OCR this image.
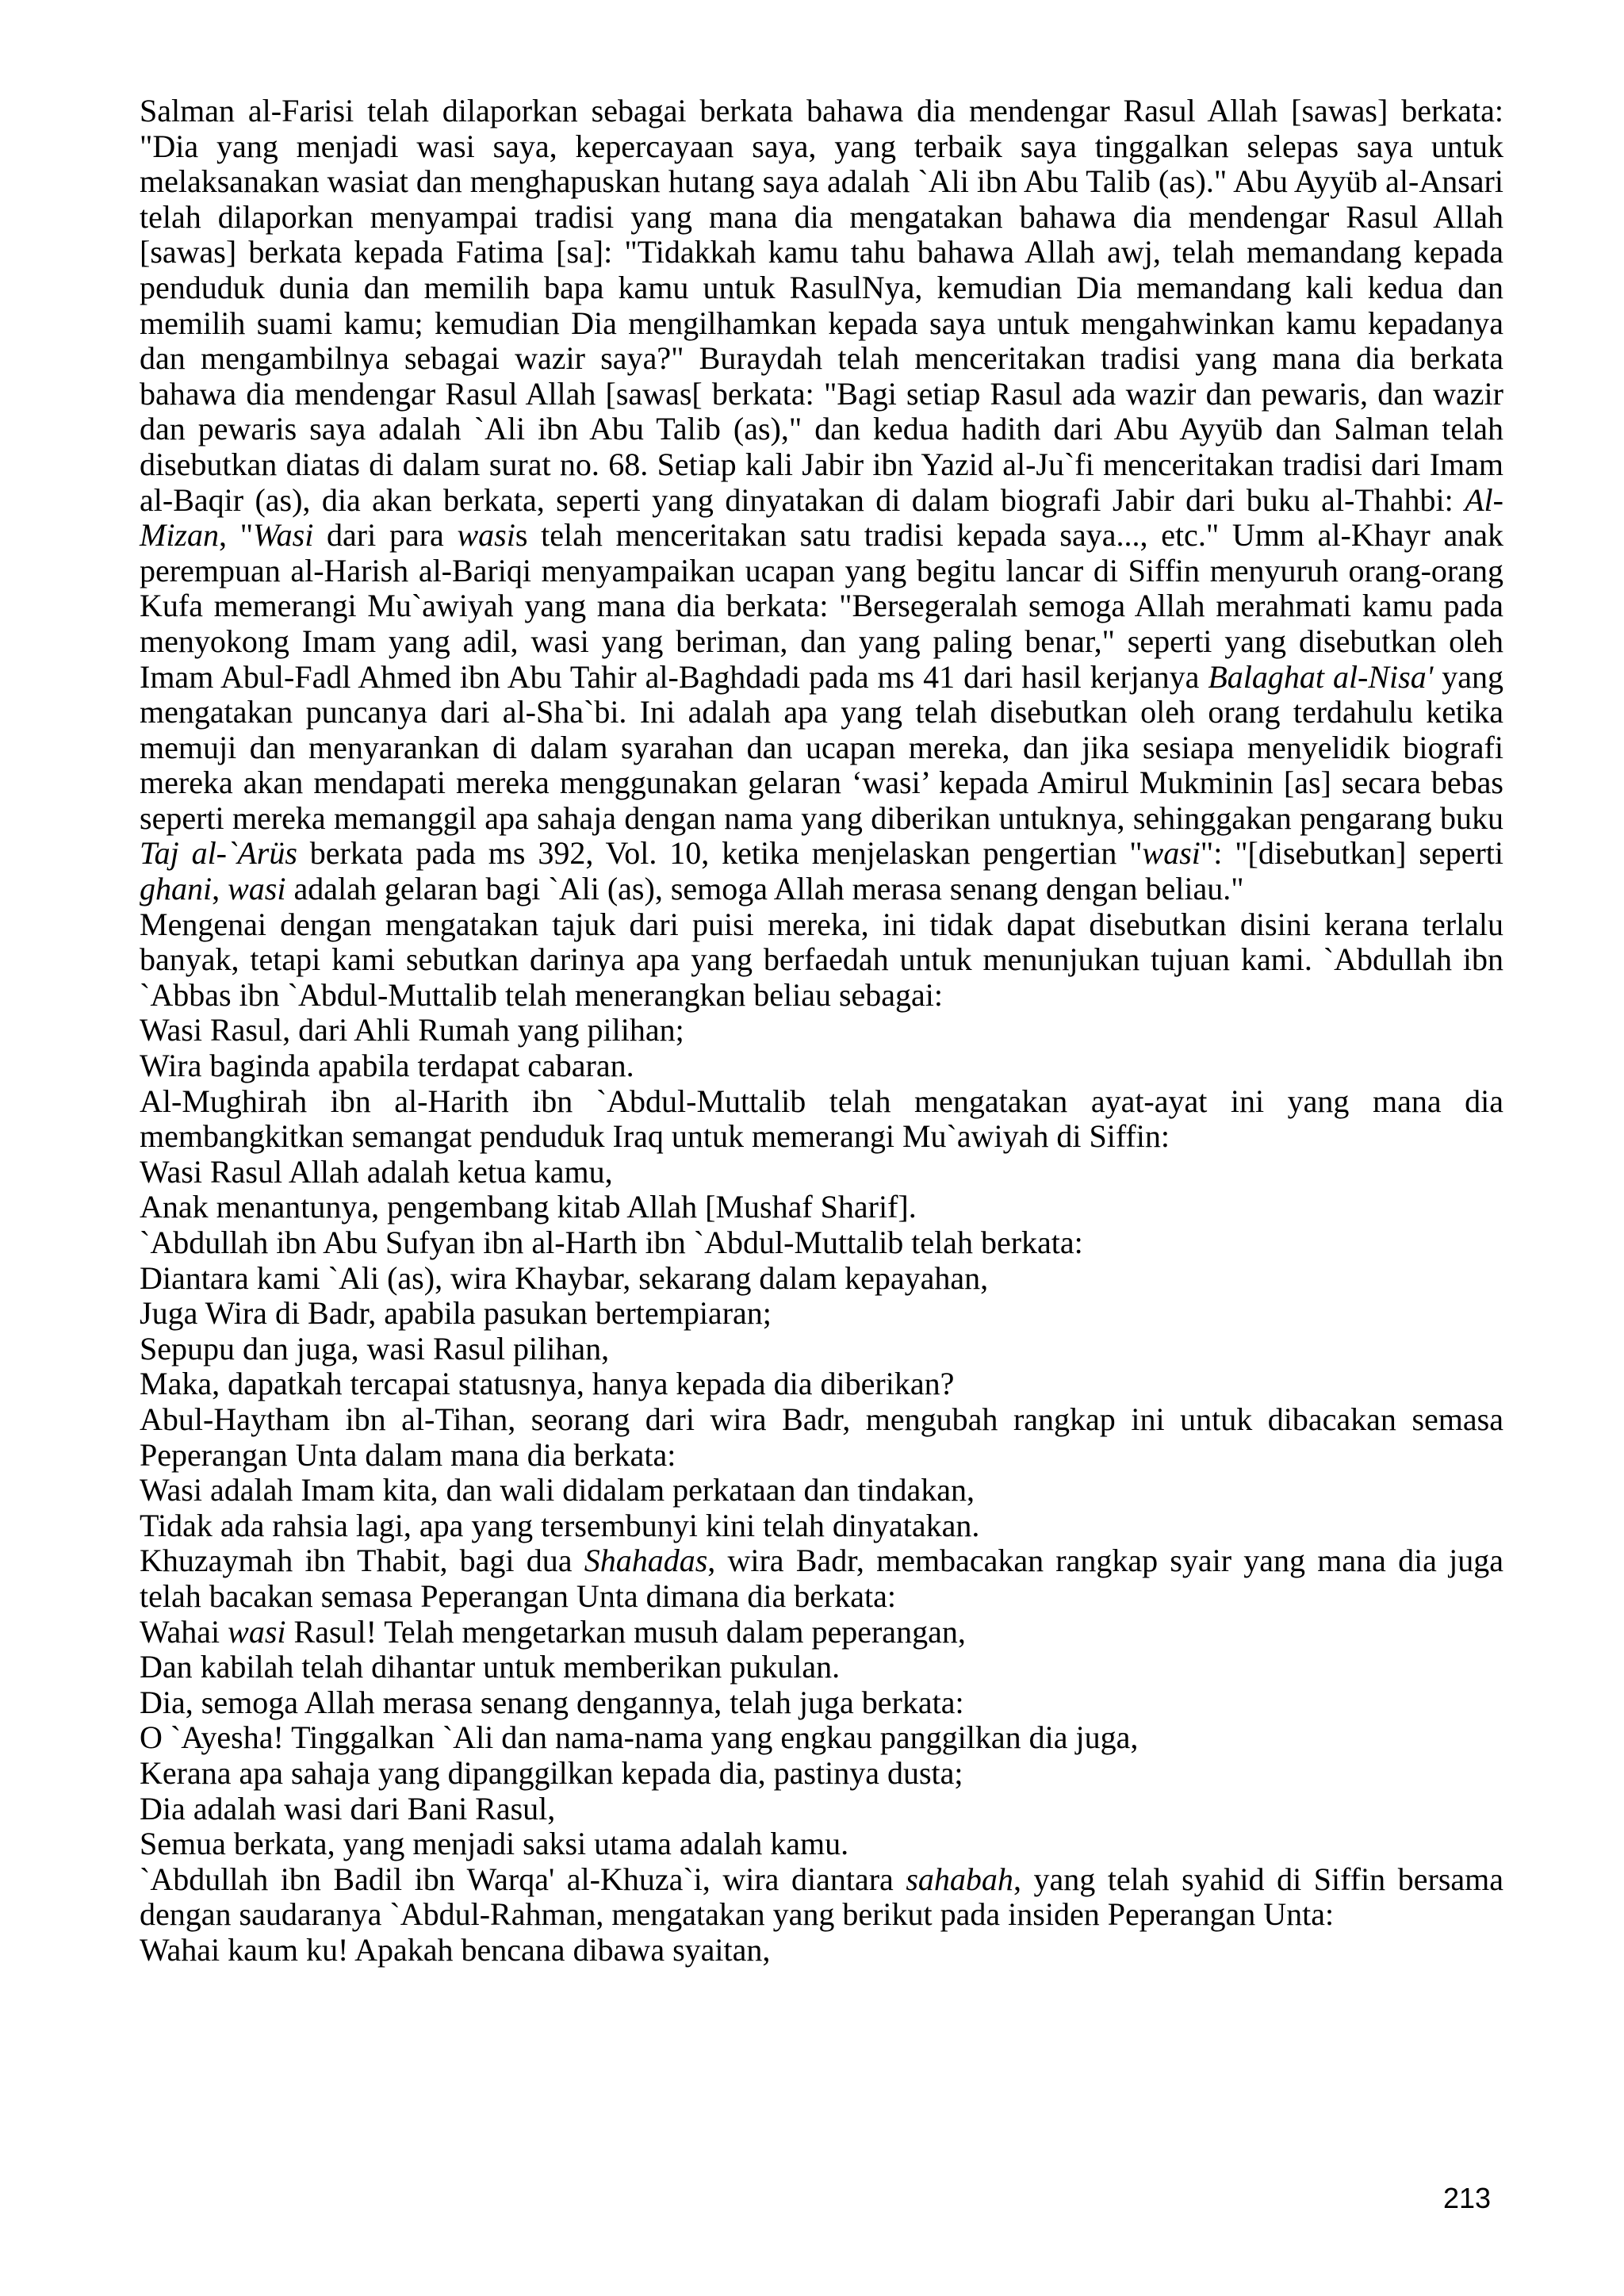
Salman al-Farisi telah dilaporkan sebagai berkata bahawa dia mendengar Rasul Allah [sawas] berkata: "Dia yang menjadi wasi saya, kepercayaan saya, yang terbaik saya tinggalkan selepas saya untuk melaksanakan wasiat dan menghapuskan hutang saya adalah `Ali ibn Abu Talib (as)." Abu Ayyüb al-Ansari telah dilaporkan menyampai tradisi yang mana dia mengatakan bahawa dia mendengar Rasul Allah [sawas] berkata kepada Fatima [sa]: "Tidakkah kamu tahu bahawa Allah awj, telah memandang kepada penduduk dunia dan memilih bapa kamu untuk RasulNya, kemudian Dia memandang kali kedua dan memilih suami kamu; kemudian Dia mengilhamkan kepada saya untuk mengahwinkan kamu kepadanya dan mengambilnya sebagai wazir saya?" Buraydah telah menceritakan tradisi yang mana dia berkata bahawa dia mendengar Rasul Allah [sawas[ berkata: "Bagi setiap Rasul ada wazir dan pewaris, dan wazir dan pewaris saya adalah `Ali ibn Abu Talib (as)," dan kedua hadith dari Abu Ayyüb dan Salman telah disebutkan diatas di dalam surat no. 68. Setiap kali Jabir ibn Yazid al-Ju`fi menceritakan tradisi dari Imam al-Baqir (as), dia akan berkata, seperti yang dinyatakan di dalam biografi Jabir dari buku al-Thahbi: Al-Mizan, "Wasi dari para wasis telah menceritakan satu tradisi kepada saya..., etc." Umm al-Khayr anak perempuan al-Harish al-Bariqi menyampaikan ucapan yang begitu lancar di Siffin menyuruh orang-orang Kufa memerangi Mu`awiyah yang mana dia berkata: "Bersegeralah semoga Allah merahmati kamu pada menyokong Imam yang adil, wasi yang beriman, dan yang paling benar," seperti yang disebutkan oleh Imam Abul-Fadl Ahmed ibn Abu Tahir al-Baghdadi pada ms 41 dari hasil kerjanya Balaghat al-Nisa' yang mengatakan puncanya dari al-Sha`bi. Ini adalah apa yang telah disebutkan oleh orang terdahulu ketika memuji dan menyarankan di dalam syarahan dan ucapan mereka, dan jika sesiapa menyelidik biografi mereka akan mendapati mereka menggunakan gelaran ‘wasi’ kepada Amirul Mukminin [as] secara bebas seperti mereka memanggil apa sahaja dengan nama yang diberikan untuknya, sehinggakan pengarang buku Taj al-`Arüs berkata pada ms 392, Vol. 10, ketika menjelaskan pengertian "wasi": "[disebutkan] seperti ghani, wasi adalah gelaran bagi `Ali (as), semoga Allah merasa senang dengan beliau."

Mengenai dengan mengatakan tajuk dari puisi mereka, ini tidak dapat disebutkan disini kerana terlalu banyak, tetapi kami sebutkan darinya apa yang berfaedah untuk menunjukan tujuan kami. `Abdullah ibn `Abbas ibn `Abdul-Muttalib telah menerangkan beliau sebagai:

Wasi Rasul, dari Ahli Rumah yang pilihan;

Wira baginda apabila terdapat cabaran.

Al-Mughirah ibn al-Harith ibn `Abdul-Muttalib telah mengatakan ayat-ayat ini yang mana dia membangkitkan semangat penduduk Iraq untuk memerangi Mu`awiyah di Siffin:

Wasi Rasul Allah adalah ketua kamu,

Anak menantunya, pengembang kitab Allah [Mushaf Sharif].

`Abdullah ibn Abu Sufyan ibn al-Harth ibn `Abdul-Muttalib telah berkata:

Diantara kami `Ali (as), wira Khaybar, sekarang dalam kepayahan,

Juga Wira di Badr, apabila pasukan bertempiaran;

Sepupu dan juga, wasi Rasul pilihan,

Maka, dapatkah tercapai statusnya, hanya kepada dia diberikan?

Abul-Haytham ibn al-Tihan, seorang dari wira Badr, mengubah rangkap ini untuk dibacakan semasa Peperangan Unta dalam mana dia berkata:

Wasi adalah Imam kita, dan wali didalam perkataan dan tindakan,

Tidak ada rahsia lagi, apa yang tersembunyi kini telah dinyatakan.

Khuzaymah ibn Thabit, bagi dua Shahadas, wira Badr, membacakan rangkap syair yang mana dia juga telah bacakan semasa Peperangan Unta dimana dia berkata:

Wahai wasi Rasul! Telah mengetarkan musuh dalam peperangan,

Dan kabilah telah dihantar untuk memberikan pukulan.

Dia, semoga Allah merasa senang dengannya, telah juga berkata:

O `Ayesha! Tinggalkan `Ali dan nama-nama yang engkau panggilkan dia juga,

Kerana apa sahaja yang dipanggilkan kepada dia, pastinya dusta;

Dia adalah wasi dari Bani Rasul,

Semua berkata, yang menjadi saksi utama adalah kamu.

`Abdullah ibn Badil ibn Warqa' al-Khuza`i, wira diantara sahabah, yang telah syahid di Siffin bersama dengan saudaranya `Abdul-Rahman, mengatakan yang berikut pada insiden Peperangan Unta:

Wahai kaum ku! Apakah bencana dibawa syaitan,

213
